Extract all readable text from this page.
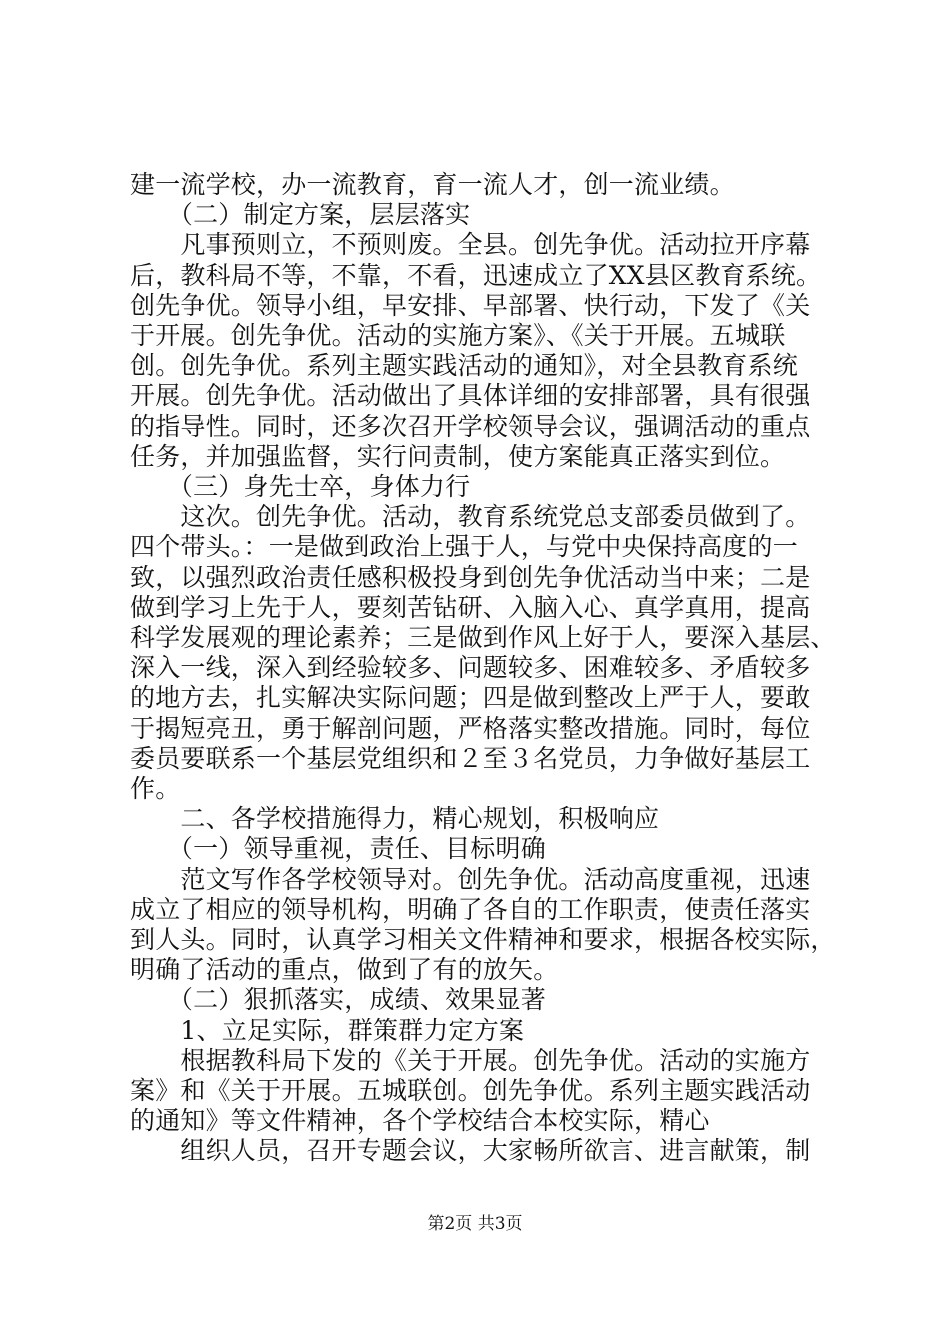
建一流学校，办一流教育，育一流人才，创一流业绩。
　　（二）制定方案，层层落实
　　凡事预则立，不预则废。全县。创先争优。活动拉开序幕
后，教科局不等，不靠，不看，迅速成立了XX县区教育系统。
创先争优。领导小组，早安排、早部署、快行动，下发了《关
于开展。创先争优。活动的实施方案》、《关于开展。五城联
创。创先争优。系列主题实践活动的通知》，对全县教育系统
开展。创先争优。活动做出了具体详细的安排部署，具有很强
的指导性。同时，还多次召开学校领导会议，强调活动的重点
任务，并加强监督，实行问责制，使方案能真正落实到位。
　　（三）身先士卒，身体力行
　　这次。创先争优。活动，教育系统党总支部委员做到了。
四个带头。：一是做到政治上强于人，与党中央保持高度的一
致，以强烈政治责任感积极投身到创先争优活动当中来；二是
做到学习上先于人，要刻苦钻研、入脑入心、真学真用，提高
科学发展观的理论素养；三是做到作风上好于人，要深入基层、
深入一线，深入到经验较多、问题较多、困难较多、矛盾较多
的地方去，扎实解决实际问题；四是做到整改上严于人，要敢
于揭短亮丑，勇于解剖问题，严格落实整改措施。同时，每位
委员要联系一个基层党组织和２至３名党员，力争做好基层工
作。
　　二、各学校措施得力，精心规划，积极响应
　　（一）领导重视，责任、目标明确
　　范文写作各学校领导对。创先争优。活动高度重视，迅速
成立了相应的领导机构，明确了各自的工作职责，使责任落实
到人头。同时，认真学习相关文件精神和要求，根据各校实际，
明确了活动的重点，做到了有的放矢。
　　（二）狠抓落实，成绩、效果显著
　　1、立足实际，群策群力定方案
　　根据教科局下发的《关于开展。创先争优。活动的实施方
案》和《关于开展。五城联创。创先争优。系列主题实践活动
的通知》等文件精神，各个学校结合本校实际，精心
　　组织人员，召开专题会议，大家畅所欲言、进言献策，制
第2页 共3页
